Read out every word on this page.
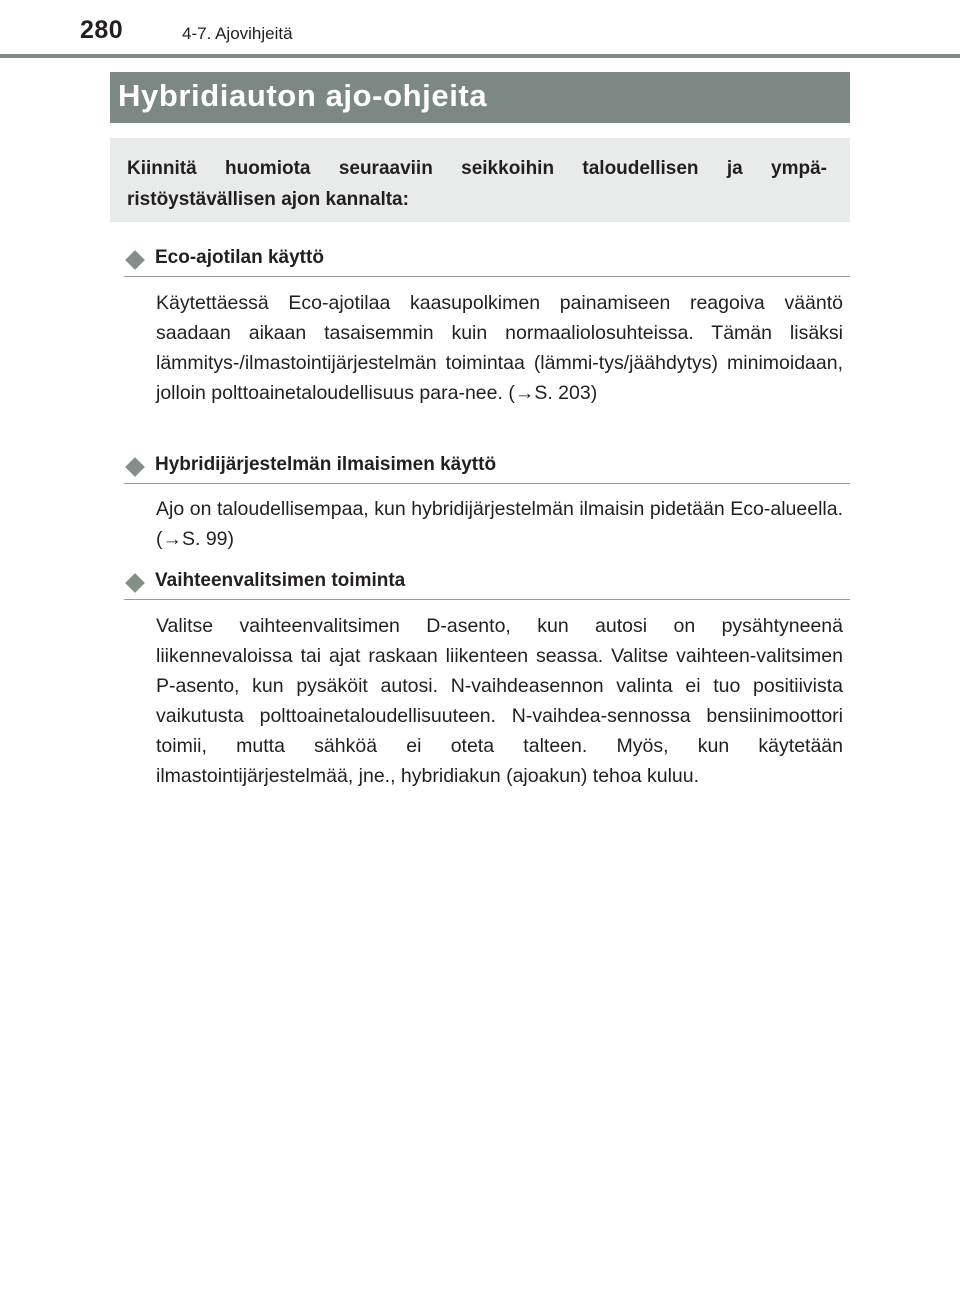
280	4-7. Ajovihjeitä
Hybridiauton ajo-ohjeita
Kiinnitä huomiota seuraaviin seikkoihin taloudellisen ja ympä-ristöystävällisen ajon kannalta:
Eco-ajotilan käyttö

Käytettäessä Eco-ajotilaa kaasupolkimen painamiseen reagoiva vääntö saadaan aikaan tasaisemmin kuin normaaliolosuhteissa. Tämän lisäksi lämmitys-/ilmastointijärjestelmän toimintaa (lämmi-tys/jäähdytys) minimoidaan, jolloin polttoainetaloudellisuus para-nee. (→S. 203)

Hybridijärjestelmän ilmaisimen käyttö

Ajo on taloudellisempaa, kun hybridijärjestelmän ilmaisin pidetään Eco-alueella. (→S. 99)

Vaihteenvalitsimen toiminta

Valitse vaihteenvalitsimen D-asento, kun autosi on pysähtyneenä liikennevaloissa tai ajat raskaan liikenteen seassa. Valitse vaihteen-valitsimen P-asento, kun pysäköit autosi. N-vaihdeasennon valinta ei tuo positiivista vaikutusta polttoainetaloudellisuuteen. N-vaihdea-sennossa bensiinimoottori toimii, mutta sähköä ei oteta talteen. Myös, kun käytetään ilmastointijärjestelmää, jne., hybridiakun (ajoakun) tehoa kuluu.
